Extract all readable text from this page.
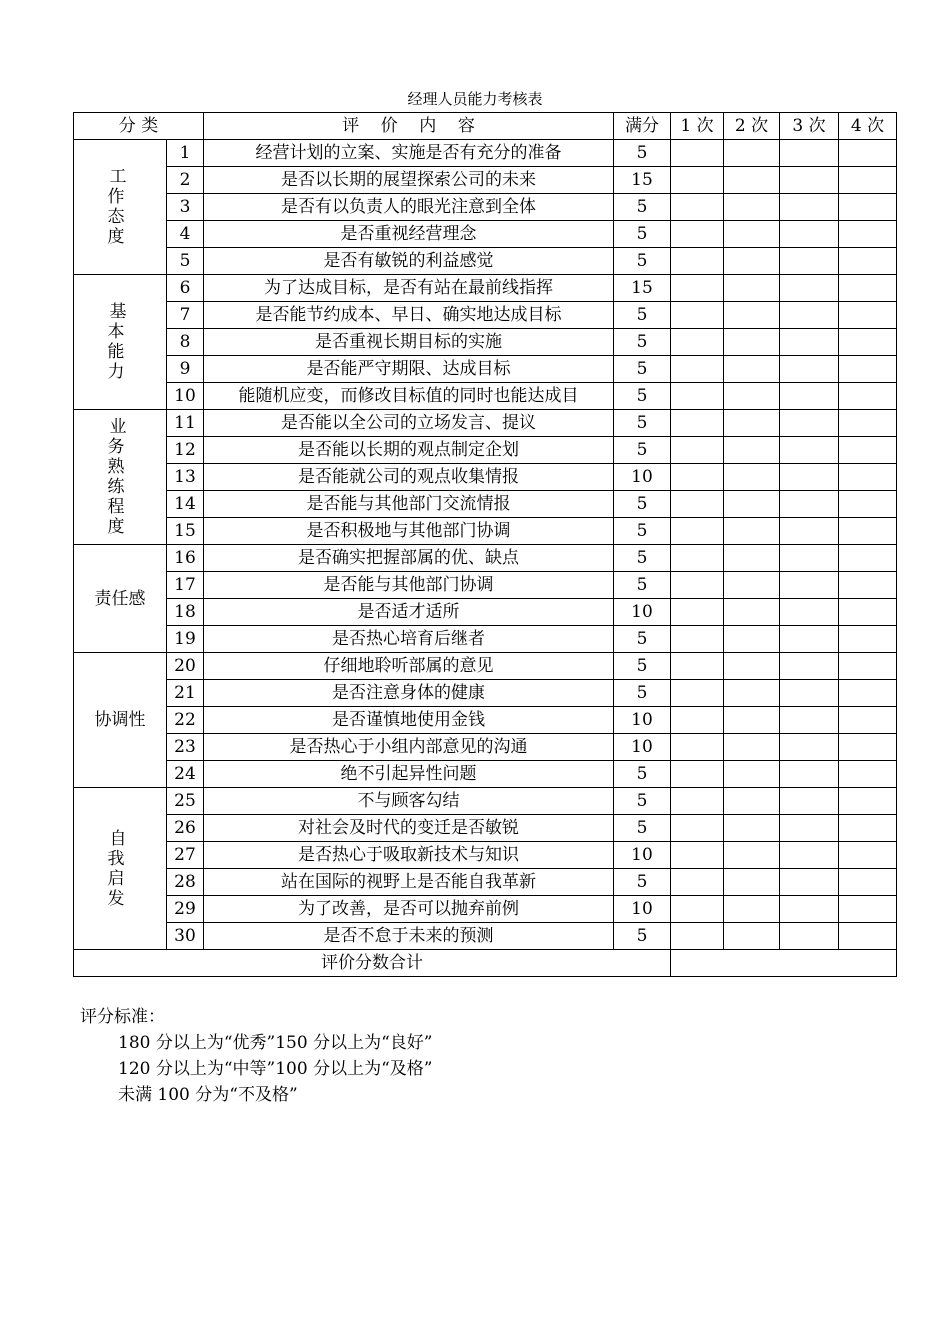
经理人员能力考核表
分 类		评    价    内    容	满分	1 次	2 次	3 次	4 次

工 作 态 度	1	经营计划的立案、实施是否有充分的准备	5				
	2	是否以长期的展望探索公司的未来	15				
	3	是否有以负责人的眼光注意到全体	5				
	4	是否重视经营理念	5				
	5	是否有敏锐的利益感觉	5				

基 本 能 力	6	为了达成目标，是否有站在最前线指挥	15				
	7	是否能节约成本、早日、确实地达成目标	5				
	8	是否重视长期目标的实施	5				
	9	是否能严守期限、达成目标	5				
	10	能随机应变，而修改目标值的同时也能达成目	5				

业务熟练程度	11	是否能以全公司的立场发言、提议	5				
	12	是否能以长期的观点制定企划	5				
	13	是否能就公司的观点收集情报	10				
	14	是否能与其他部门交流情报	5				
	15	是否积极地与其他部门协调	5				

责任感	16	是否确实把握部属的优、缺点	5				
	17	是否能与其他部门协调	5				
	18	是否适才适所	10				
	19	是否热心培育后继者	5				

协调性	20	仔细地聆听部属的意见	5				
	21	是否注意身体的健康	5				
	22	是否谨慎地使用金钱	10				
	23	是否热心于小组内部意见的沟通	10				
	24	绝不引起异性问题	5				

自 我 启 发	25	不与顾客勾结	5				
	26	对社会及时代的变迁是否敏锐	5				
	27	是否热心于吸取新技术与知识	10				
	28	站在国际的视野上是否能自我革新	5				
	29	为了改善，是否可以抛弃前例	10				
	30	是否不怠于未来的预测	5				
评价分数合计							
评分标准：
180 分以上为“优秀”150 分以上为“良好”
120 分以上为“中等”100 分以上为“及格”
未满 100 分为“不及格”
